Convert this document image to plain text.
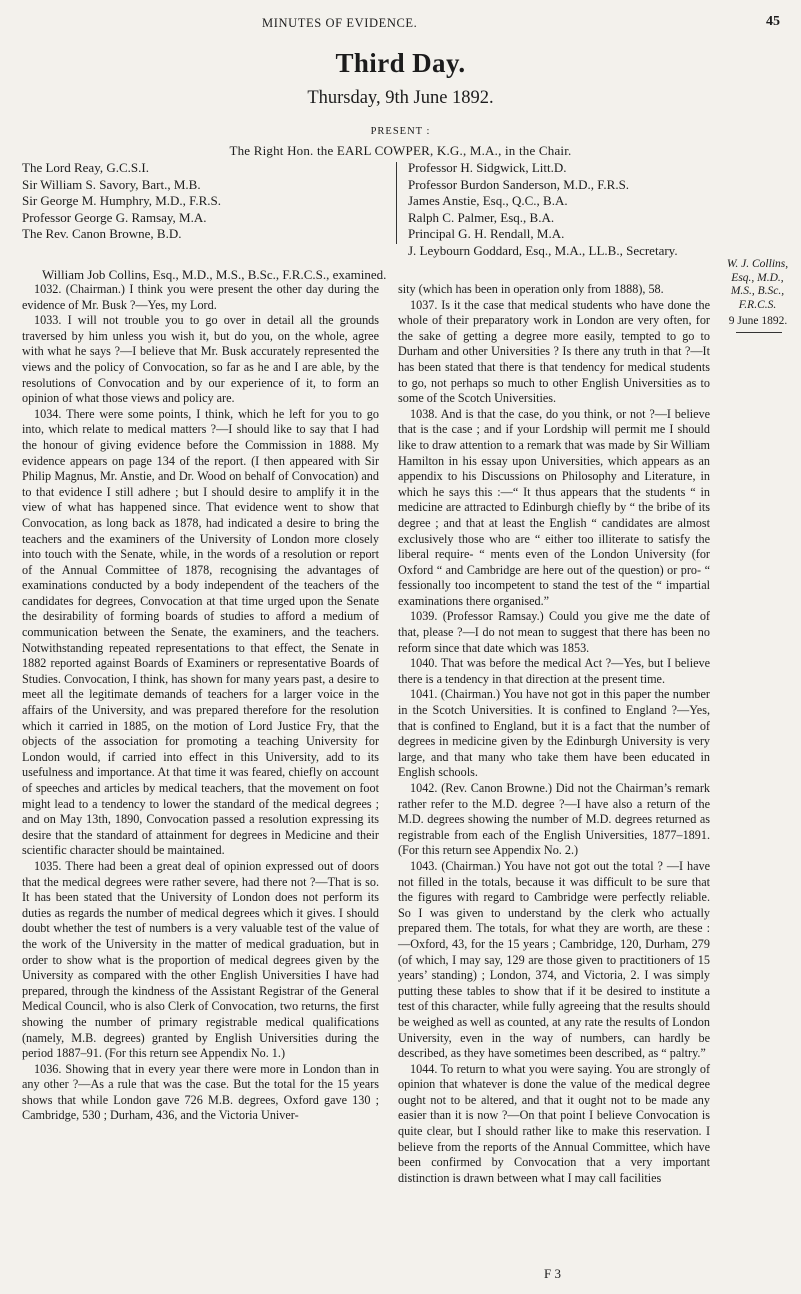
MINUTES OF EVIDENCE.	45
Third Day.
Thursday, 9th June 1892.
PRESENT :
The Right Hon. the EARL COWPER, K.G., M.A., in the Chair.
The Lord Reay, G.C.S.I.
Sir William S. Savory, Bart., M.B.
Sir George M. Humphry, M.D., F.R.S.
Professor George G. Ramsay, M.A.
The Rev. Canon Browne, B.D.
Professor H. Sidgwick, Litt.D.
Professor Burdon Sanderson, M.D., F.R.S.
James Anstie, Esq., Q.C., B.A.
Ralph C. Palmer, Esq., B.A.
Principal G. H. Rendall, M.A.
J. Leybourn Goddard, Esq., M.A., LL.B., Secretary.
William Job Collins, Esq., M.D., M.S., B.Sc., F.R.C.S., examined.
W. J. Collins, Esq., M.D., M.S., B.Sc., F.R.C.S.
9 June 1892.

1032. (Chairman.) I think you were present the other day during the evidence of Mr. Busk ?—Yes, my Lord.

1033. I will not trouble you to go over in detail all the grounds traversed by him unless you wish it, but do you, on the whole, agree with what he says ?—I believe that Mr. Busk accurately represented the views and the policy of Convocation, so far as he and I are able, by the resolutions of Convocation and by our experience of it, to form an opinion of what those views and policy are.

1034. There were some points, I think, which he left for you to go into, which relate to medical matters ?—I should like to say that I had the honour of giving evidence before the Commission in 1888. My evidence appears on page 134 of the report. (I then appeared with Sir Philip Magnus, Mr. Anstie, and Dr. Wood on behalf of Convocation) and to that evidence I still adhere ; but I should desire to amplify it in the view of what has happened since. That evidence went to show that Convocation, as long back as 1878, had indicated a desire to bring the teachers and the examiners of the University of London more closely into touch with the Senate, while, in the words of a resolution or report of the Annual Committee of 1878, recognising the advantages of examinations conducted by a body independent of the teachers of the candidates for degrees, Convocation at that time urged upon the Senate the desirability of forming boards of studies to afford a medium of communication between the Senate, the examiners, and the teachers. Notwithstanding repeated representations to that effect, the Senate in 1882 reported against Boards of Examiners or representative Boards of Studies. Convocation, I think, has shown for many years past, a desire to meet all the legitimate demands of teachers for a larger voice in the affairs of the University, and was prepared therefore for the resolution which it carried in 1885, on the motion of Lord Justice Fry, that the objects of the association for promoting a teaching University for London would, if carried into effect in this University, add to its usefulness and importance. At that time it was feared, chiefly on account of speeches and articles by medical teachers, that the movement on foot might lead to a tendency to lower the standard of the medical degrees ; and on May 13th, 1890, Convocation passed a resolution expressing its desire that the standard of attainment for degrees in Medicine and their scientific character should be maintained.

1035. There had been a great deal of opinion expressed out of doors that the medical degrees were rather severe, had there not ?—That is so. It has been stated that the University of London does not perform its duties as regards the number of medical degrees which it gives. I should doubt whether the test of numbers is a very valuable test of the value of the work of the University in the matter of medical graduation, but in order to show what is the proportion of medical degrees given by the University as compared with the other English Universities I have had prepared, through the kindness of the Assistant Registrar of the General Medical Council, who is also Clerk of Convocation, two returns, the first showing the number of primary registrable medical qualifications (namely, M.B. degrees) granted by English Universities during the period 1887–91. (For this return see Appendix No. 1.)

1036. Showing that in every year there were more in London than in any other ?—As a rule that was the case. But the total for the 15 years shows that while London gave 726 M.B. degrees, Oxford gave 130 ; Cambridge, 530 ; Durham, 436, and the Victoria Univer-

sity (which has been in operation only from 1888), 58.

1037. Is it the case that medical students who have done the whole of their preparatory work in London are very often, for the sake of getting a degree more easily, tempted to go to Durham and other Universities ? Is there any truth in that ?—It has been stated that there is that tendency for medical students to go, not perhaps so much to other English Universities as to some of the Scotch Universities.

1038. And is that the case, do you think, or not ?—I believe that is the case ; and if your Lordship will permit me I should like to draw attention to a remark that was made by Sir William Hamilton in his essay upon Universities, which appears as an appendix to his Discussions on Philosophy and Literature, in which he says this :—“ It thus appears that the students “ in medicine are attracted to Edinburgh chiefly by “ the bribe of its degree ; and that at least the English “ candidates are almost exclusively those who are “ either too illiterate to satisfy the liberal require- “ ments even of the London University (for Oxford “ and Cambridge are here out of the question) or pro- “ fessionally too incompetent to stand the test of the “ impartial examinations there organised.”

1039. (Professor Ramsay.) Could you give me the date of that, please ?—I do not mean to suggest that there has been no reform since that date which was 1853.

1040. That was before the medical Act ?—Yes, but I believe there is a tendency in that direction at the present time.

1041. (Chairman.) You have not got in this paper the number in the Scotch Universities. It is confined to England ?—Yes, that is confined to England, but it is a fact that the number of degrees in medicine given by the Edinburgh University is very large, and that many who take them have been educated in English schools.

1042. (Rev. Canon Browne.) Did not the Chairman’s remark rather refer to the M.D. degree ?—I have also a return of the M.D. degrees showing the number of M.D. degrees returned as registrable from each of the English Universities, 1877–1891. (For this return see Appendix No. 2.)

1043. (Chairman.) You have not got out the total ? —I have not filled in the totals, because it was difficult to be sure that the figures with regard to Cambridge were perfectly reliable. So I was given to understand by the clerk who actually prepared them. The totals, for what they are worth, are these :—Oxford, 43, for the 15 years ; Cambridge, 120, Durham, 279 (of which, I may say, 129 are those given to practitioners of 15 years’ standing) ; London, 374, and Victoria, 2. I was simply putting these tables to show that if it be desired to institute a test of this character, while fully agreeing that the results should be weighed as well as counted, at any rate the results of London University, even in the way of numbers, can hardly be described, as they have sometimes been described, as “ paltry.”

1044. To return to what you were saying. You are strongly of opinion that whatever is done the value of the medical degree ought not to be altered, and that it ought not to be made any easier than it is now ?—On that point I believe Convocation is quite clear, but I should rather like to make this reservation. I believe from the reports of the Annual Committee, which have been confirmed by Convocation that a very important distinction is drawn between what I may call facilities

F 3
